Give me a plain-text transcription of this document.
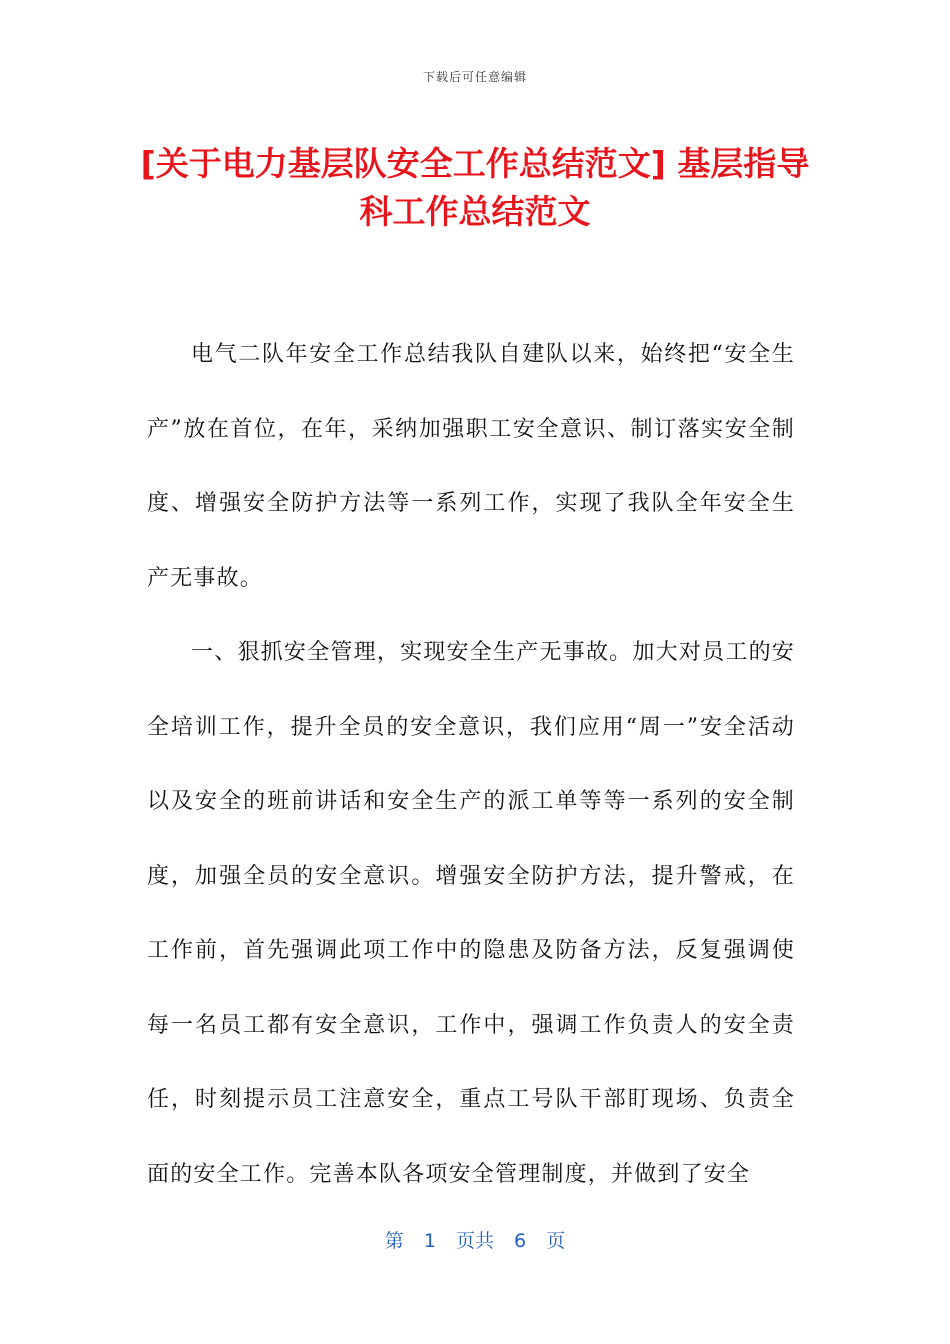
下载后可任意编辑
[关于电力基层队安全工作总结范文] 基层指导科工作总结范文

电气二队年安全工作总结我队自建队以来，始终把“安全生产”放在首位，在年，采纳加强职工安全意识、制订落实安全制度、增强安全防护方法等一系列工作，实现了我队全年安全生产无事故。

一、狠抓安全管理，实现安全生产无事故。加大对员工的安全培训工作，提升全员的安全意识，我们应用“周一”安全活动以及安全的班前讲话和安全生产的派工单等等一系列的安全制度，加强全员的安全意识。增强安全防护方法，提升警戒，在工作前，首先强调此项工作中的隐患及防备方法，反复强调使每一名员工都有安全意识，工作中，强调工作负责人的安全责任，时刻提示员工注意安全，重点工号队干部盯现场、负责全面的安全工作。完善本队各项安全管理制度，并做到了安全

第 1 页共 6 页
